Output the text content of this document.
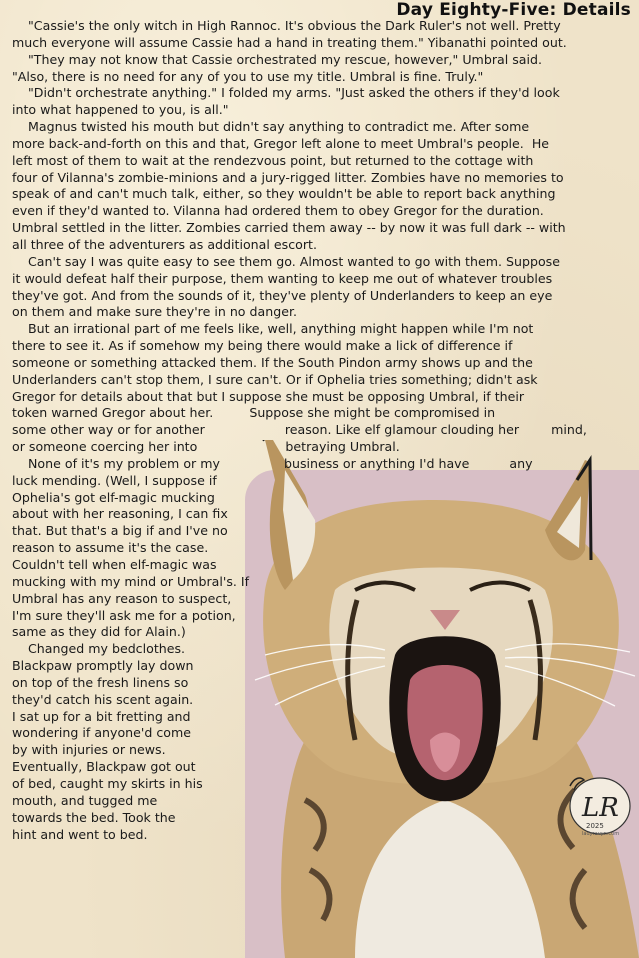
Day Eighty-Five: Details
"Cassie's the only witch in High Rannoc. It's obvious the Dark Ruler's not well. Pretty
much everyone will assume Cassie had a hand in treating them." Yibanathi pointed out.
"They may not know that Cassie orchestrated my rescue, however," Umbral said.
"Also, there is no need for any of you to use my title. Umbral is fine. Truly."
"Didn't orchestrate anything." I folded my arms. "Just asked the others if they'd look
into what happened to you, is all."
Magnus twisted his mouth but didn't say anything to contradict me. After some
more back-and-forth on this and that, Gregor left alone to meet Umbral's people.  He
left most of them to wait at the rendezvous point, but returned to the cottage with
four of Vilanna's zombie-minions and a jury-rigged litter. Zombies have no memories to
speak of and can't much talk, either, so they wouldn't be able to report back anything
even if they'd wanted to. Vilanna had ordered them to obey Gregor for the duration.
Umbral settled in the litter. Zombies carried them away -- by now it was full dark -- with
all three of the adventurers as additional escort.
Can't say I was quite easy to see them go. Almost wanted to go with them. Suppose
it would defeat half their purpose, them wanting to keep me out of whatever troubles
they've got. And from the sounds of it, they've plenty of Underlanders to keep an eye
on them and make sure they're in no danger.
But an irrational part of me feels like, well, anything might happen while I'm not
there to see it. As if somehow my being there would make a lick of difference if
someone or something attacked them. If the South Pindon army shows up and the
Underlanders can't stop them, I sure can't. Or if Ophelia tries something; didn't ask
Gregor for details about that but I suppose she must be opposing Umbral, if their
token warned Gregor about her.         Suppose she might be compromised in
some other way or for another                    reason. Like elf glamour clouding her        mind,
or someone coercing her into                      betraying Umbral.
None of it's my problem or my                business or anything I'd have          any
luck mending. (Well, I suppose if
Ophelia's got elf-magic mucking
about with her reasoning, I can fix
that. But that's a big if and I've no
reason to assume it's the case.
Couldn't tell when elf-magic was
mucking with my mind or Umbral's. If
Umbral has any reason to suspect,
I'm sure they'll ask me for a potion,
same as they did for Alain.)
Changed my bedclothes.
Blackpaw promptly lay down
on top of the fresh linens so
they'd catch his scent again.
I sat up for a bit fretting and
wondering if anyone'd come
by with injuries or news.
Eventually, Blackpaw got out
of bed, caught my skirts in his
mouth, and tugged me
towards the bed. Took the
hint and went to bed.
LR
2025
ladyravyn.com
